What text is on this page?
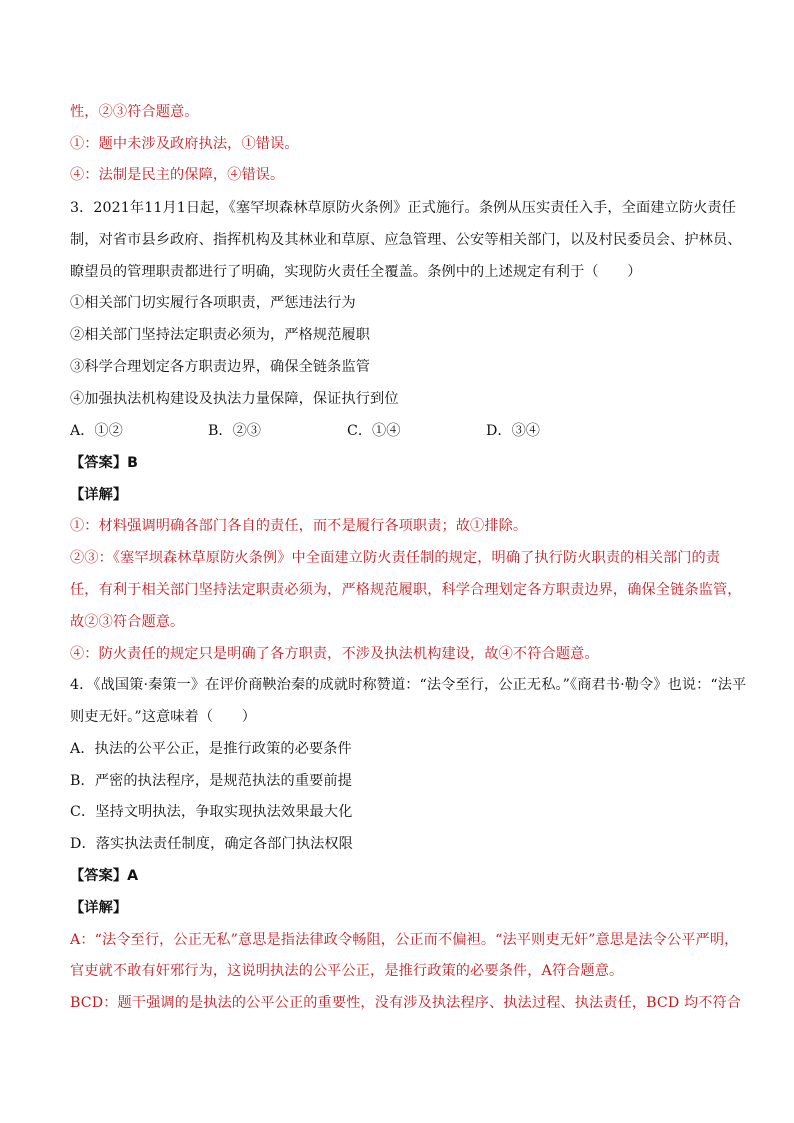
性，②③符合题意。
①：题中未涉及政府执法，①错误。
④：法制是民主的保障，④错误。
3．2021年11月1日起，《塞罕坝森林草原防火条例》正式施行。条例从压实责任入手，全面建立防火责任
制，对省市县乡政府、指挥机构及其林业和草原、应急管理、公安等相关部门，以及村民委员会、护林员、
瞭望员的管理职责都进行了明确，实现防火责任全覆盖。条例中的上述规定有利于（　　）
①相关部门切实履行各项职责，严惩违法行为
②相关部门坚持法定职责必须为，严格规范履职
③科学合理划定各方职责边界，确保全链条监管
④加强执法机构建设及执法力量保障，保证执行到位
A．①②	B．②③	C．①④	D．③④
【答案】B
【详解】
①：材料强调明确各部门各自的责任，而不是履行各项职责；故①排除。
②③：《塞罕坝森林草原防火条例》中全面建立防火责任制的规定，明确了执行防火职责的相关部门的责
任，有利于相关部门坚持法定职责必须为，严格规范履职，科学合理划定各方职责边界，确保全链条监管，
故②③符合题意。
④：防火责任的规定只是明确了各方职责，不涉及执法机构建设，故④不符合题意。
4．《战国策·秦策一》在评价商鞅治秦的成就时称赞道：“法令至行，公正无私。”《商君书·勒令》也说：“法平
则吏无奸。”这意味着（　　）
A．执法的公平公正，是推行政策的必要条件
B．严密的执法程序，是规范执法的重要前提
C．坚持文明执法，争取实现执法效果最大化
D．落实执法责任制度，确定各部门执法权限
【答案】A
【详解】
A：“法令至行，公正无私”意思是指法律政令畅阻，公正而不偏袒。“法平则吏无奸”意思是法令公平严明，
官吏就不敢有奸邪行为，这说明执法的公平公正，是推行政策的必要条件，A符合题意。
BCD：题干强调的是执法的公平公正的重要性，没有涉及执法程序、执法过程、执法责任，BCD 均不符合
